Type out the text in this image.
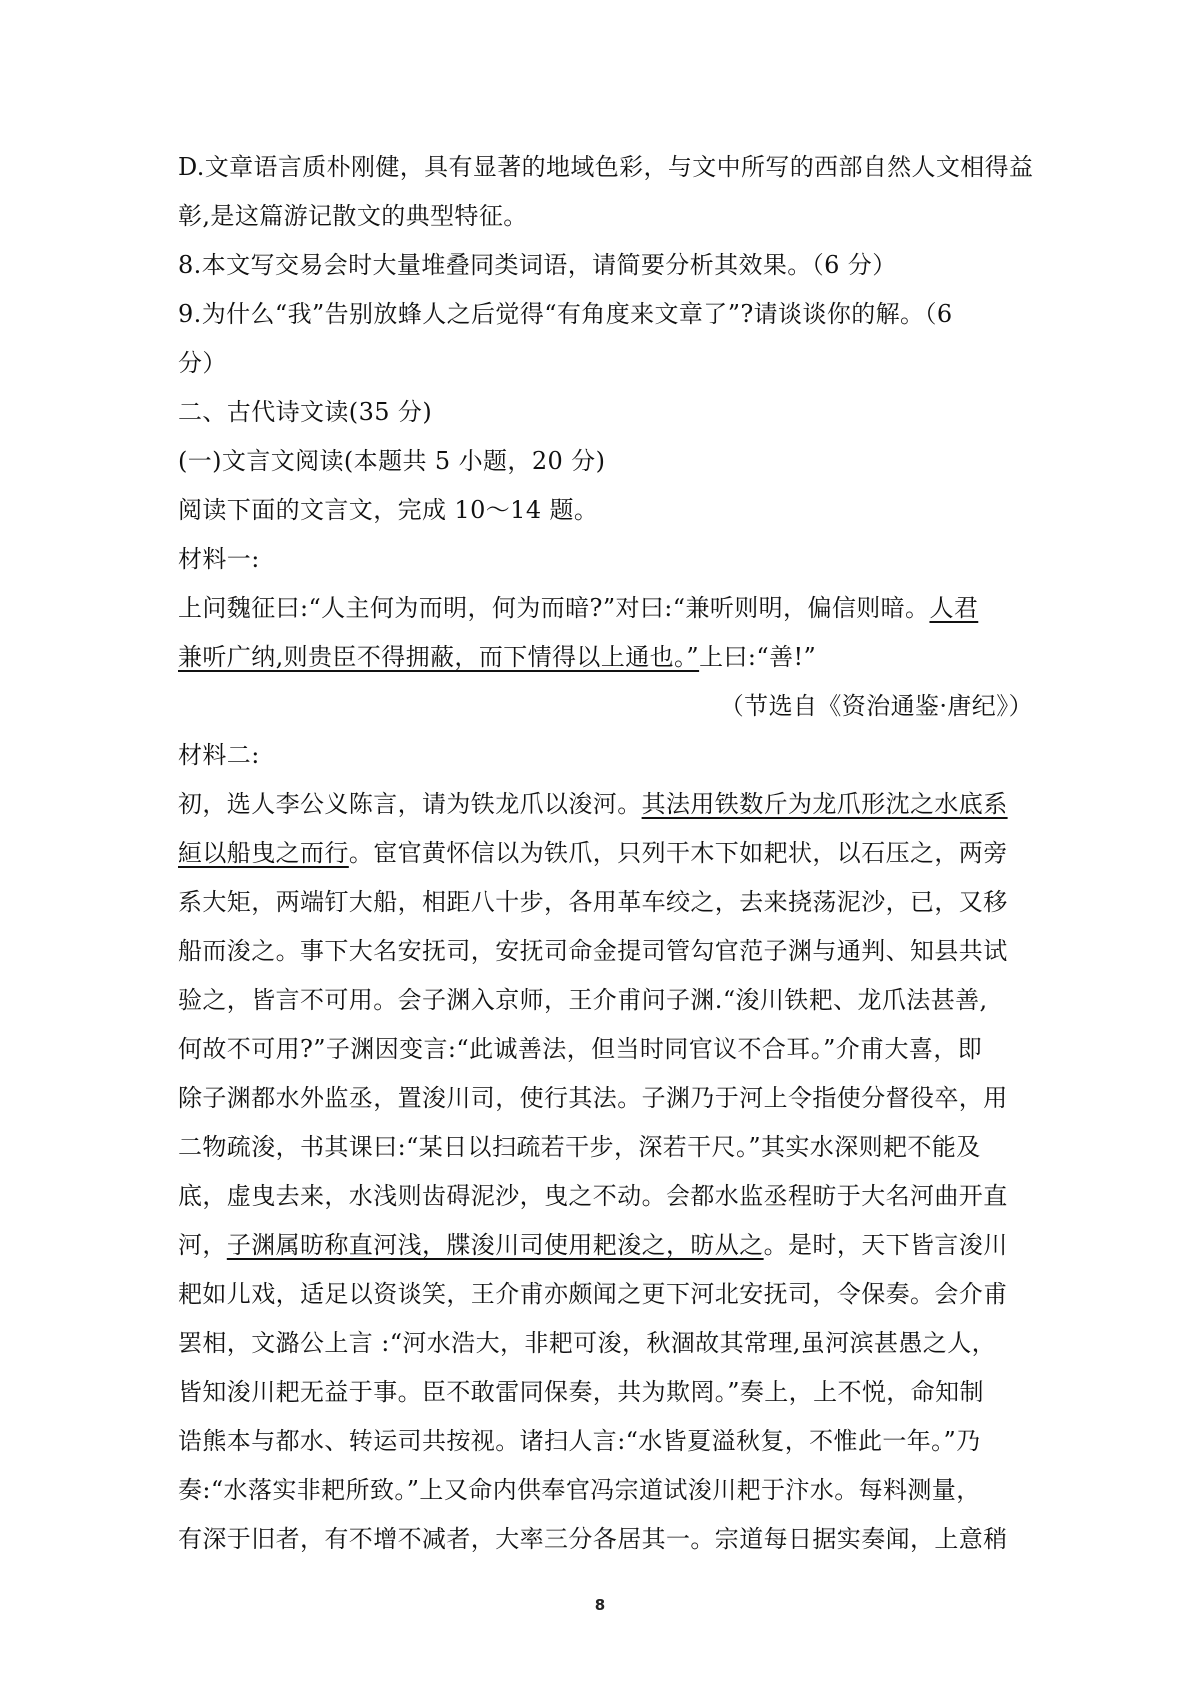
D.文章语言质朴刚健，具有显著的地域色彩，与文中所写的西部自然人文相得益
彰,是这篇游记散文的典型特征。
8.本文写交易会时大量堆叠同类词语，请简要分析其效果。（6 分）
9.为什么“我”告别放蜂人之后觉得“有角度来文章了”?请谈谈你的解。（6
分）
二、古代诗文读(35 分)
(一)文言文阅读(本题共 5 小题，20 分)
阅读下面的文言文，完成 10～14 题。
材料一:
上问魏征曰:“人主何为而明，何为而暗?”对曰:“兼听则明，偏信则暗。人君
兼听广纳,则贵臣不得拥蔽，而下情得以上通也。”上曰:“善!”
（节选自《资治通鉴·唐纪》）
材料二:
初，选人李公义陈言，请为铁龙爪以浚河。其法用铁数斤为龙爪形沈之水底系
絙以船曳之而行。宦官黄怀信以为铁爪，只列干木下如耙状，以石压之，两旁
系大矩，两端钉大船，相距八十步，各用革车绞之，去来挠荡泥沙，已，又移
船而浚之。事下大名安抚司，安抚司命金提司管勾官范子渊与通判、知县共试
验之，皆言不可用。会子渊入京师，王介甫问子渊.“浚川铁耙、龙爪法甚善,
何故不可用?”子渊因变言:“此诚善法，但当时同官议不合耳。”介甫大喜，即
除子渊都水外监丞，置浚川司，使行其法。子渊乃于河上令指使分督役卒，用
二物疏浚，书其课曰:“某日以扫疏若干步，深若干尺。”其实水深则耙不能及
底，虚曳去来，水浅则齿碍泥沙，曳之不动。会都水监丞程昉于大名河曲开直
河，子渊属昉称直河浅，牒浚川司使用耙浚之，昉从之。是时，天下皆言浚川
耙如儿戏，适足以资谈笑，王介甫亦颇闻之更下河北安抚司，令保奏。会介甫
罢相，文潞公上言 :“河水浩大，非耙可浚，秋涸故其常理,虽河滨甚愚之人，
皆知浚川耙无益于事。臣不敢雷同保奏，共为欺罔。”奏上，上不悦，命知制
诰熊本与都水、转运司共按视。诸扫人言:“水皆夏溢秋复，不惟此一年。”乃
奏:“水落实非耙所致。”上又命内供奉官冯宗道试浚川耙于汴水。每料测量，
有深于旧者，有不增不减者，大率三分各居其一。宗道每日据实奏闻，上意稍
8
